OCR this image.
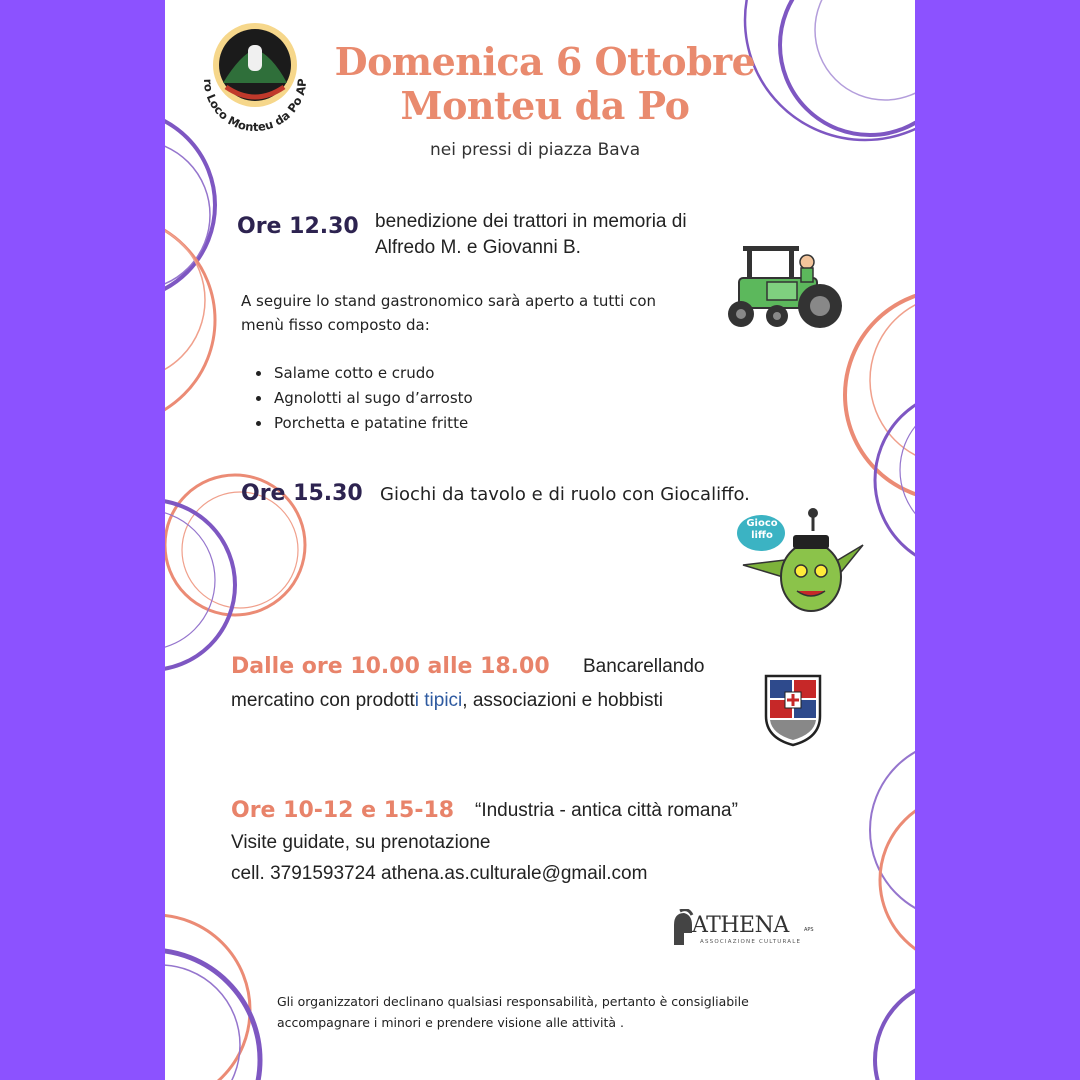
ro Loco Monteu da Po AP Domenica 6 Ottobre
Monteu da Po
nei pressi di piazza Bava
Ore 12.30 benedizione dei trattori in memoria di
Alfredo M. e Giovanni B.
A seguire lo stand gastronomico sarà aperto a tutti con
menù fisso composto da:
• Salame cotto e crudo
• Agnolotti al sugo d’arrosto
• Porchetta e patatine fritte
Ore 15.30 Giochi da tavolo e di ruolo con Giocaliffo.
Gioco liffo
Dalle ore 10.00 alle 18.00 Bancarellando
mercatino con prodotti tipici, associazioni e hobbisti
Ore 10-12 e 15-18 “Industria - antica città romana”
Visite guidate, su prenotazione
cell. 3791593724 athena.as.culturale@gmail.com
ATHENA	APS
ASSOCIAZIONE CULTURALE
Gli organizzatori declinano qualsiasi responsabilità, pertanto è consigliabile
accompagnare i minori e prendere visione alle attività .
